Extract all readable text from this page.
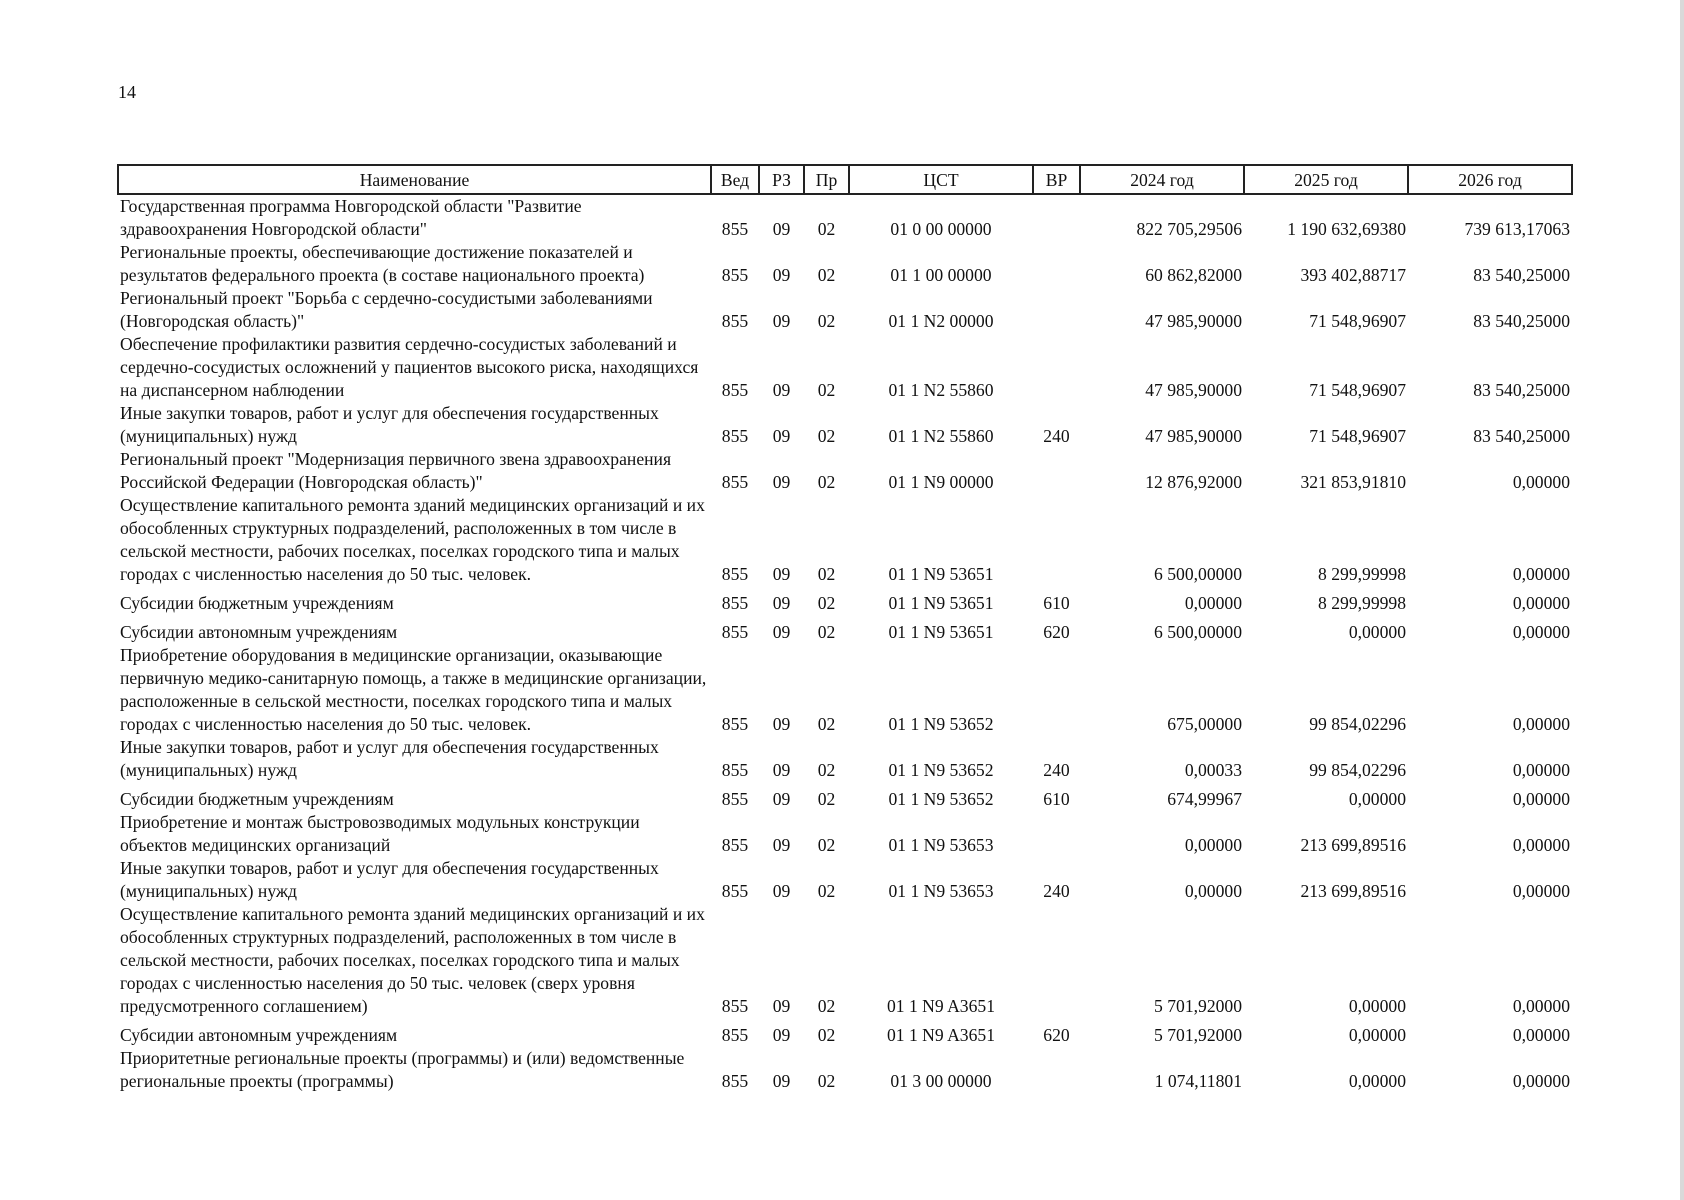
14
Наименование	Вед	РЗ	Пр	ЦСТ	ВР	2024 год	2025 год	2026 год
Государственная программа Новгородской области "Развитие здравоохранения Новгородской области"	855	09	02	01 0 00 00000		822 705,29506	1 190 632,69380	739 613,17063
Региональные проекты, обеспечивающие достижение показателей и результатов федерального проекта (в составе национального проекта)	855	09	02	01 1 00 00000		60 862,82000	393 402,88717	83 540,25000
Региональный проект "Борьба с сердечно-сосудистыми заболеваниями (Новгородская область)"	855	09	02	01 1 N2 00000		47 985,90000	71 548,96907	83 540,25000
Обеспечение профилактики развития сердечно-сосудистых заболеваний и сердечно-сосудистых осложнений у пациентов высокого риска, находящихся на диспансерном наблюдении	855	09	02	01 1 N2 55860		47 985,90000	71 548,96907	83 540,25000
Иные закупки товаров, работ и услуг для обеспечения государственных (муниципальных) нужд	855	09	02	01 1 N2 55860	240	47 985,90000	71 548,96907	83 540,25000
Региональный проект "Модернизация первичного звена здравоохранения Российской Федерации (Новгородская область)"	855	09	02	01 1 N9 00000		12 876,92000	321 853,91810	0,00000
Осуществление капитального ремонта зданий медицинских организаций и их обособленных структурных подразделений, расположенных в том числе в сельской местности, рабочих поселках, поселках городского типа и малых городах с численностью населения до 50 тыс. человек.	855	09	02	01 1 N9 53651		6 500,00000	8 299,99998	0,00000
Субсидии бюджетным учреждениям	855	09	02	01 1 N9 53651	610	0,00000	8 299,99998	0,00000
Субсидии автономным учреждениям	855	09	02	01 1 N9 53651	620	6 500,00000	0,00000	0,00000
Приобретение оборудования в медицинские организации, оказывающие первичную медико-санитарную помощь, а также в медицинские организации, расположенные в сельской местности, поселках городского типа и малых городах с численностью населения до 50 тыс. человек.	855	09	02	01 1 N9 53652		675,00000	99 854,02296	0,00000
Иные закупки товаров, работ и услуг для обеспечения государственных (муниципальных) нужд	855	09	02	01 1 N9 53652	240	0,00033	99 854,02296	0,00000
Субсидии бюджетным учреждениям	855	09	02	01 1 N9 53652	610	674,99967	0,00000	0,00000
Приобретение и монтаж быстровозводимых модульных конструкции объектов медицинских организаций	855	09	02	01 1 N9 53653		0,00000	213 699,89516	0,00000
Иные закупки товаров, работ и услуг для обеспечения государственных (муниципальных) нужд	855	09	02	01 1 N9 53653	240	0,00000	213 699,89516	0,00000
Осуществление капитального ремонта зданий медицинских организаций и их обособленных структурных подразделений, расположенных в том числе в сельской местности, рабочих поселках, поселках городского типа и малых городах с численностью населения до 50 тыс. человек (сверх уровня предусмотренного соглашением)	855	09	02	01 1 N9 A3651		5 701,92000	0,00000	0,00000
Субсидии автономным учреждениям	855	09	02	01 1 N9 A3651	620	5 701,92000	0,00000	0,00000
Приоритетные региональные проекты (программы) и (или) ведомственные региональные проекты (программы)	855	09	02	01 3 00 00000		1 074,11801	0,00000	0,00000
